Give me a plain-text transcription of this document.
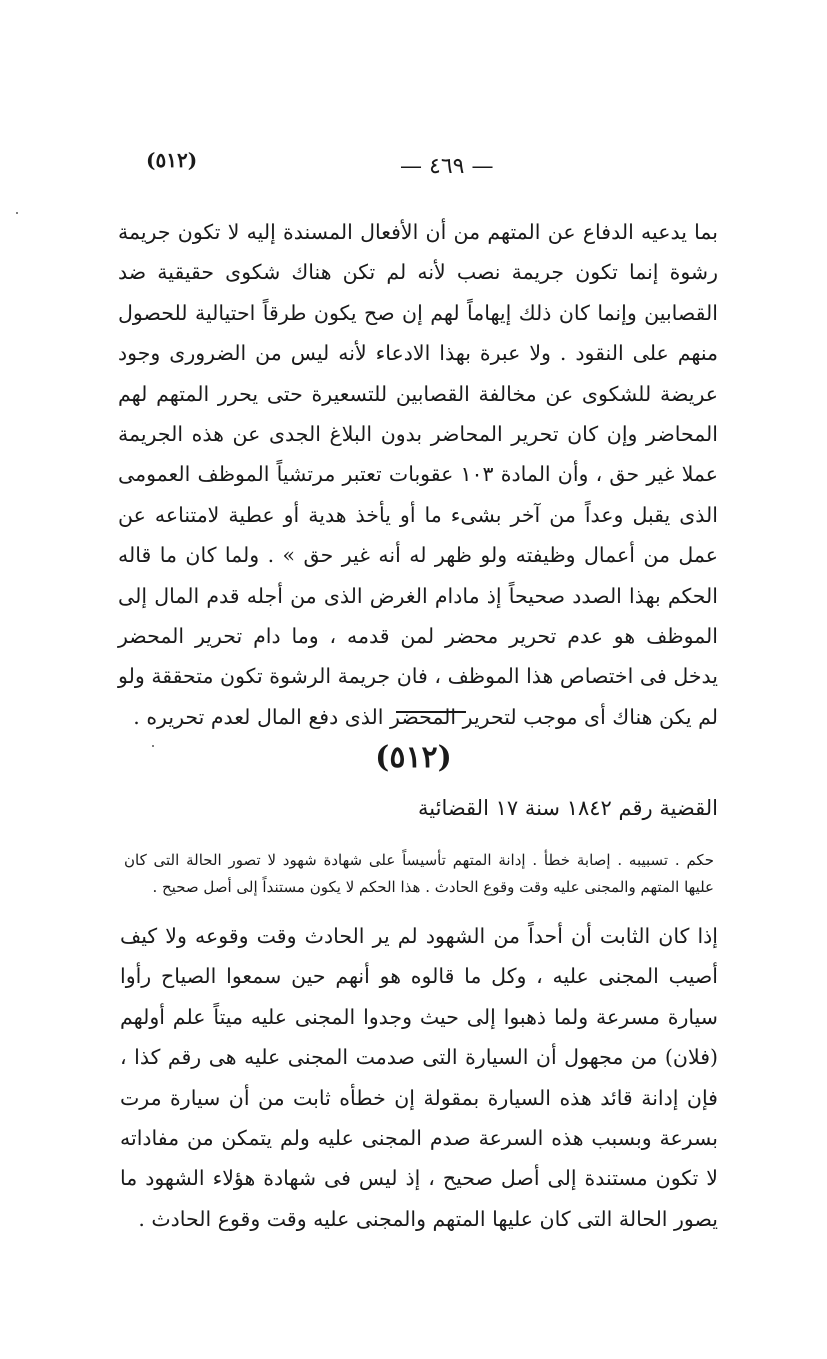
(٥١٢)	— ٤٦٩ —

بما يدعيه الدفاع عن المتهم من أن الأفعال المسندة إليه لا تكون جريمة رشوة إنما تكون جريمة نصب لأنه لم تكن هناك شكوى حقيقية ضد القصابين وإنما كان ذلك إيهاماً لهم إن صح يكون طرقاً احتيالية للحصول منهم على النقود . ولا عبرة بهذا الادعاء لأنه ليس من الضرورى وجود عريضة للشكوى عن مخالفة القصابين للتسعيرة حتى يحرر المتهم لهم المحاضر وإن كان تحرير المحاضر بدون البلاغ الجدى عن هذه الجريمة عملا غير حق ، وأن المادة ١٠٣ عقوبات تعتبر مرتشياً الموظف العمومى الذى يقبل وعداً من آخر بشىء ما أو يأخذ هدية أو عطية لامتناعه عن عمل من أعمال وظيفته ولو ظهر له أنه غير حق » . ولما كان ما قاله الحكم بهذا الصدد صحيحاً إذ مادام الغرض الذى من أجله قدم المال إلى الموظف هو عدم تحرير محضر لمن قدمه ، وما دام تحرير المحضر يدخل فى اختصاص هذا الموظف ، فان جريمة الرشوة تكون متحققة ولو لم يكن هناك أى موجب لتحرير المحضر الذى دفع المال لعدم تحريره .

(٥١٢)
القضية رقم ١٨٤٢ سنة ١٧ القضائية

حكم . تسبيبه . إصابة خطأ . إدانة المتهم تأسيساً على شهادة شهود لا تصور الحالة التى كان عليها المتهم والمجنى عليه وقت وقوع الحادث . هذا الحكم لا يكون مستنداً إلى أصل صحيح .

إذا كان الثابت أن أحداً من الشهود لم ير الحادث وقت وقوعه ولا كيف أصيب المجنى عليه ، وكل ما قالوه هو أنهم حين سمعوا الصياح رأوا سيارة مسرعة ولما ذهبوا إلى حيث وجدوا المجنى عليه ميتاً علم أولهم (فلان) من مجهول أن السيارة التى صدمت المجنى عليه هى رقم كذا ، فإن إدانة قائد هذه السيارة بمقولة إن خطأه ثابت من أن سيارة مرت بسرعة وبسبب هذه السرعة صدم المجنى عليه ولم يتمكن من مفاداته لا تكون مستندة إلى أصل صحيح ، إذ ليس فى شهادة هؤلاء الشهود ما يصور الحالة التى كان عليها المتهم والمجنى عليه وقت وقوع الحادث .
